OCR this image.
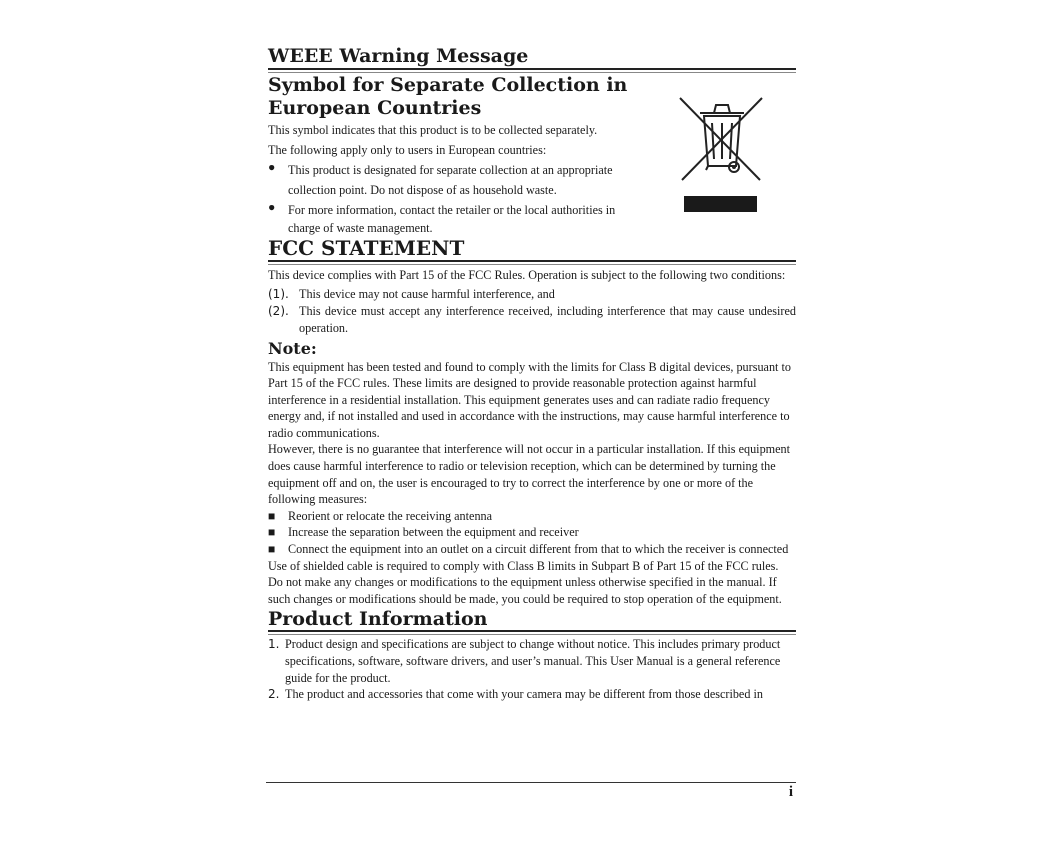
WEEE Warning Message
Symbol for Separate Collection in
European Countries

This symbol indicates that this product is to be collected separately.

The following apply only to users in European countries:

●	This product is designated for separate collection at an appropriate

collection point. Do not dispose of as household waste.

●	For more information, contact the retailer or the local authorities in

charge of waste management.

FCC STATEMENT

This device complies with Part 15 of the FCC Rules. Operation is subject to the following two conditions:

(1). This device may not cause harmful interference, and
(2). This device must accept any interference received, including interference that may cause undesired operation.
Note:

This equipment has been tested and found to comply with the limits for Class B digital devices, pursuant to Part 15 of the FCC rules. These limits are designed to provide reasonable protection against harmful interference in a residential installation. This equipment generates uses and can radiate radio frequency energy and, if not installed and used in accordance with the instructions, may cause harmful interference to radio communications.

However, there is no guarantee that interference will not occur in a particular installation. If this equipment does cause harmful interference to radio or television reception, which can be determined by turning the equipment off and on, the user is encouraged to try to correct the interference by one or more of the following measures:

■	Reorient or relocate the receiving antenna
■	Increase the separation between the equipment and receiver
■	Connect the equipment into an outlet on a circuit different from that to which the receiver is connected

Use of shielded cable is required to comply with Class B limits in Subpart B of Part 15 of the FCC rules.

Do not make any changes or modifications to the equipment unless otherwise specified in the manual. If such changes or modifications should be made, you could be required to stop operation of the equipment.

Product Information
1. Product design and specifications are subject to change without notice. This includes primary product specifications, software, software drivers, and user’s manual. This User Manual is a general reference guide for the product.
2. The product and accessories that come with your camera may be different from those described in
i
